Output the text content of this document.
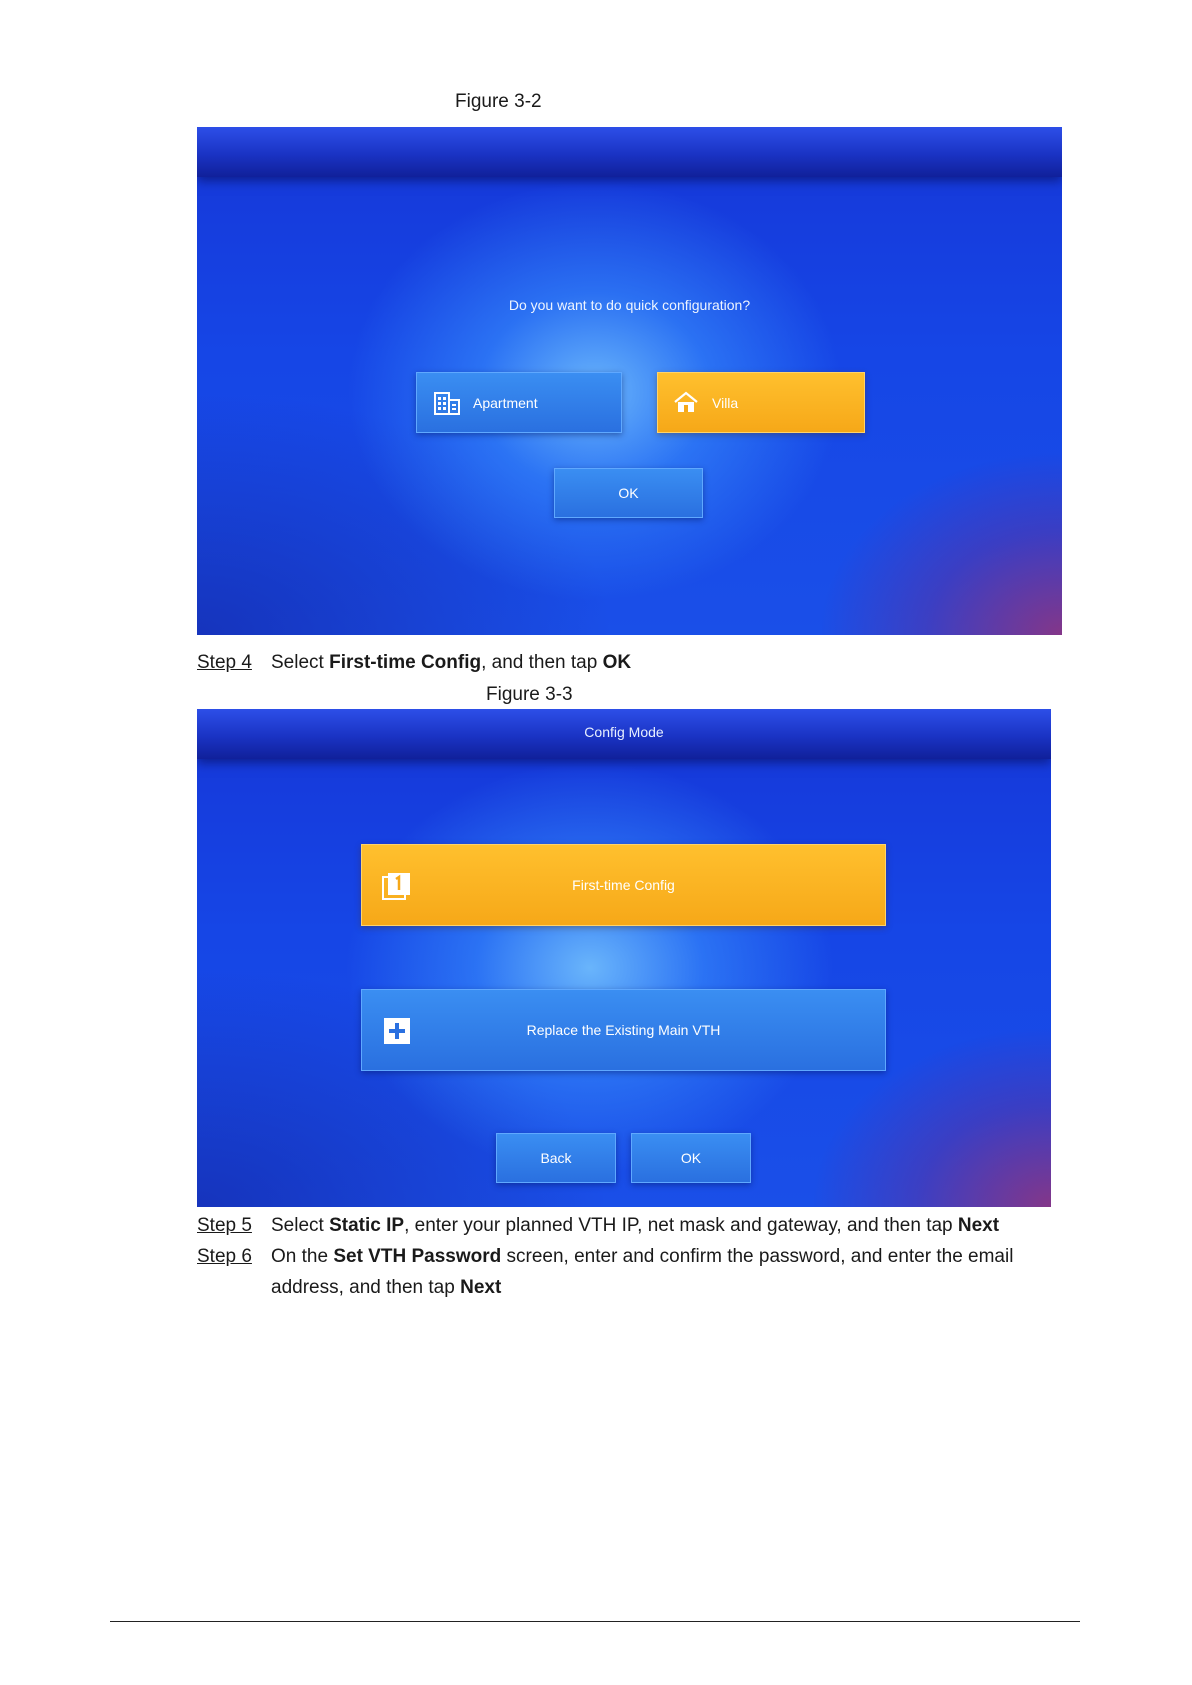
Figure 3-2
Do you want to do quick configuration?
Apartment	Villa
OK
Step 4 Select First-time Config, and then tap OK
Figure 3-3
Config Mode
First-time Config
Replace the Existing Main VTH
Back	OK
Step 5 Select Static IP, enter your planned VTH IP, net mask and gateway, and then tap Next
Step 6 On the Set VTH Password screen, enter and confirm the password, and enter the email
address, and then tap Next
